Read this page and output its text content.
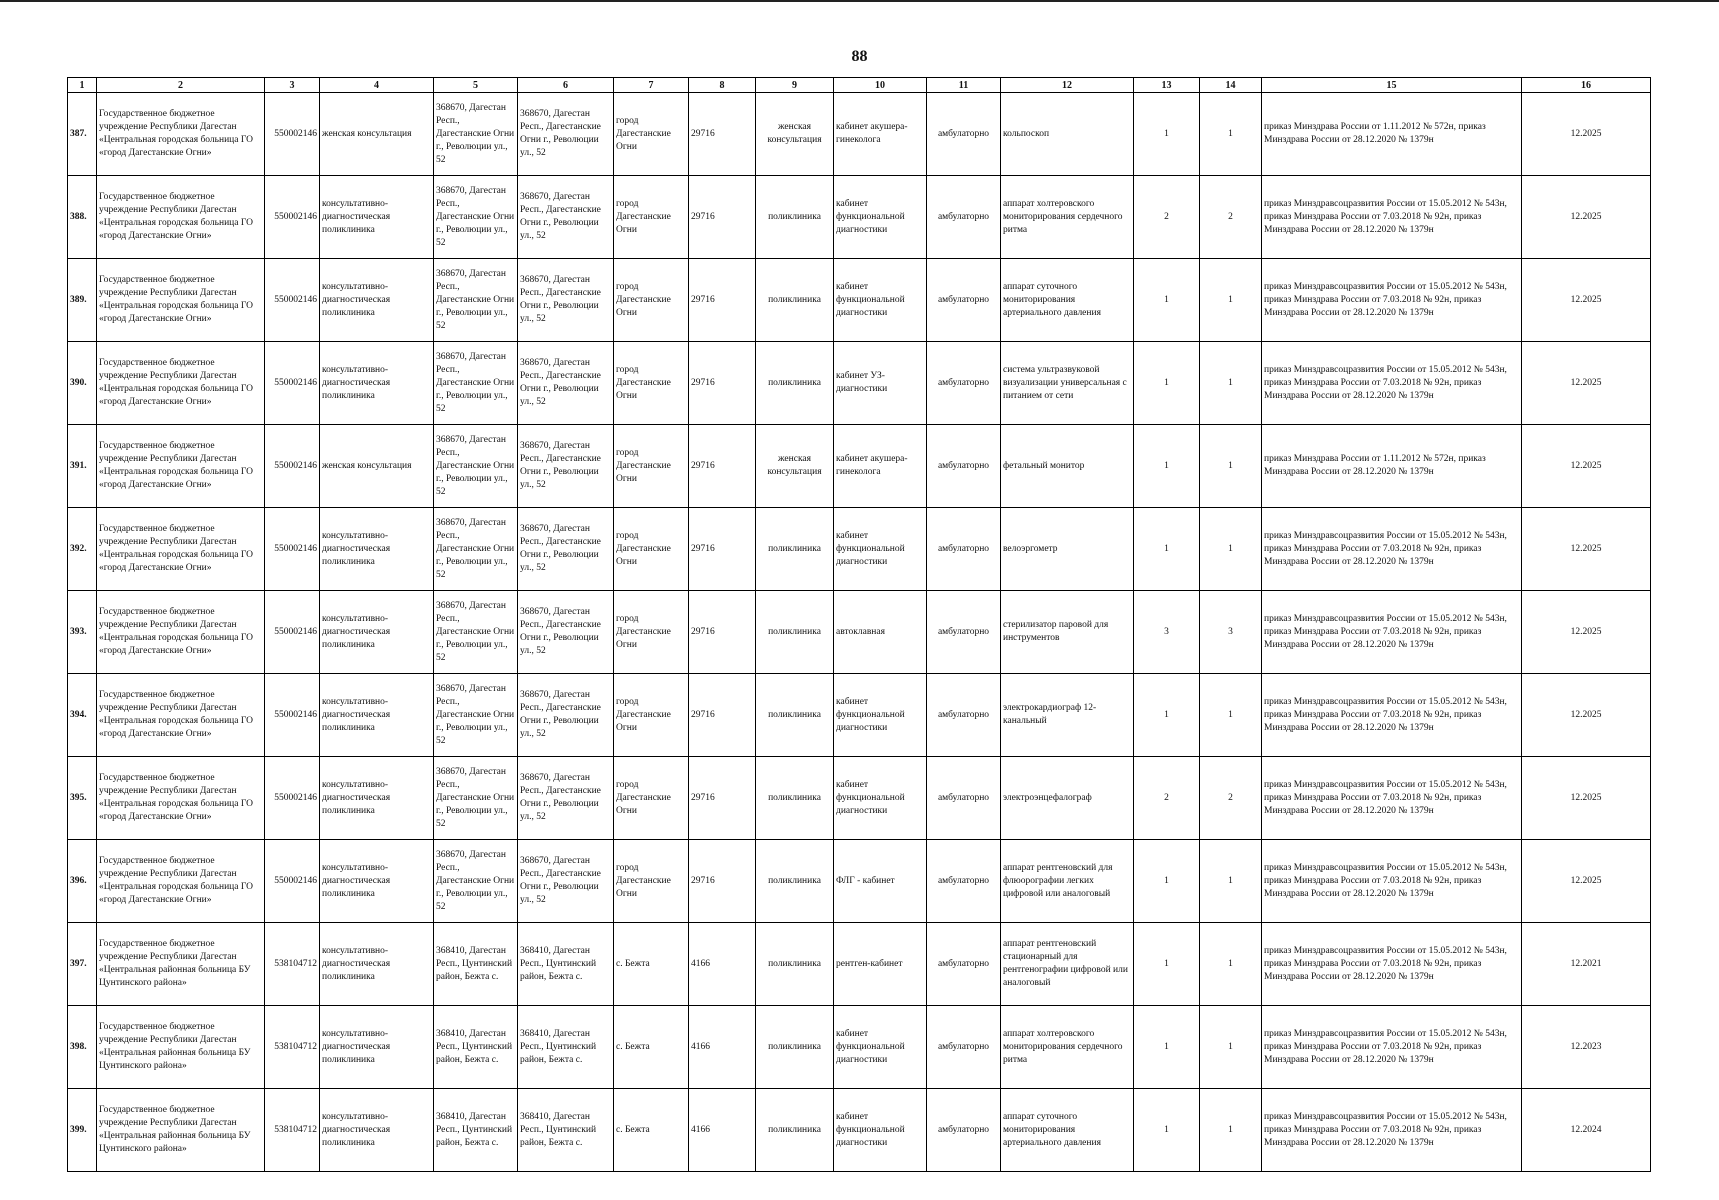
88
1	2	3	4	5	6	7	8	9	10	11	12	13	14	15	16
387.	Государственное бюджетное учреждение Республики Дагестан «Центральная городская больница ГО «город Дагестанские Огни»	550002146	женская консультация	368670, Дагестан Респ., Дагестанские Огни г., Революции ул., 52	368670, Дагестан Респ., Дагестанские Огни г., Революции ул., 52	город Дагестанские Огни	29716	женская консультация	кабинет акушера-гинеколога	амбулаторно	кольпоскоп	1	1	приказ Минздрава России от 1.11.2012 № 572н, приказ Минздрава России от 28.12.2020 № 1379н	12.2025
388.	Государственное бюджетное учреждение Республики Дагестан «Центральная городская больница ГО «город Дагестанские Огни»	550002146	консультативно-диагностическая поликлиника	368670, Дагестан Респ., Дагестанские Огни г., Революции ул., 52	368670, Дагестан Респ., Дагестанские Огни г., Революции ул., 52	город Дагестанские Огни	29716	поликлиника	кабинет функциональной диагностики	амбулаторно	аппарат холтеровского мониторирования сердечного ритма	2	2	приказ Минздравсоцразвития России от 15.05.2012 № 543н, приказ Минздрава России от 7.03.2018 № 92н, приказ Минздрава России от 28.12.2020 № 1379н	12.2025
389.	Государственное бюджетное учреждение Республики Дагестан «Центральная городская больница ГО «город Дагестанские Огни»	550002146	консультативно-диагностическая поликлиника	368670, Дагестан Респ., Дагестанские Огни г., Революции ул., 52	368670, Дагестан Респ., Дагестанские Огни г., Революции ул., 52	город Дагестанские Огни	29716	поликлиника	кабинет функциональной диагностики	амбулаторно	аппарат суточного мониторирования артериального давления	1	1	приказ Минздравсоцразвития России от 15.05.2012 № 543н, приказ Минздрава России от 7.03.2018 № 92н, приказ Минздрава России от 28.12.2020 № 1379н	12.2025
390.	Государственное бюджетное учреждение Республики Дагестан «Центральная городская больница ГО «город Дагестанские Огни»	550002146	консультативно-диагностическая поликлиника	368670, Дагестан Респ., Дагестанские Огни г., Революции ул., 52	368670, Дагестан Респ., Дагестанские Огни г., Революции ул., 52	город Дагестанские Огни	29716	поликлиника	кабинет УЗ-диагностики	амбулаторно	система ультразвуковой визуализации универсальная с питанием от сети	1	1	приказ Минздравсоцразвития России от 15.05.2012 № 543н, приказ Минздрава России от 7.03.2018 № 92н, приказ Минздрава России от 28.12.2020 № 1379н	12.2025
391.	Государственное бюджетное учреждение Республики Дагестан «Центральная городская больница ГО «город Дагестанские Огни»	550002146	женская консультация	368670, Дагестан Респ., Дагестанские Огни г., Революции ул., 52	368670, Дагестан Респ., Дагестанские Огни г., Революции ул., 52	город Дагестанские Огни	29716	женская консультация	кабинет акушера-гинеколога	амбулаторно	фетальный монитор	1	1	приказ Минздрава России от 1.11.2012 № 572н, приказ Минздрава России от 28.12.2020 № 1379н	12.2025
392.	Государственное бюджетное учреждение Республики Дагестан «Центральная городская больница ГО «город Дагестанские Огни»	550002146	консультативно-диагностическая поликлиника	368670, Дагестан Респ., Дагестанские Огни г., Революции ул., 52	368670, Дагестан Респ., Дагестанские Огни г., Революции ул., 52	город Дагестанские Огни	29716	поликлиника	кабинет функциональной диагностики	амбулаторно	велоэргометр	1	1	приказ Минздравсоцразвития России от 15.05.2012 № 543н, приказ Минздрава России от 7.03.2018 № 92н, приказ Минздрава России от 28.12.2020 № 1379н	12.2025
393.	Государственное бюджетное учреждение Республики Дагестан «Центральная городская больница ГО «город Дагестанские Огни»	550002146	консультативно-диагностическая поликлиника	368670, Дагестан Респ., Дагестанские Огни г., Революции ул., 52	368670, Дагестан Респ., Дагестанские Огни г., Революции ул., 52	город Дагестанские Огни	29716	поликлиника	автоклавная	амбулаторно	стерилизатор паровой для инструментов	3	3	приказ Минздравсоцразвития России от 15.05.2012 № 543н, приказ Минздрава России от 7.03.2018 № 92н, приказ Минздрава России от 28.12.2020 № 1379н	12.2025
394.	Государственное бюджетное учреждение Республики Дагестан «Центральная городская больница ГО «город Дагестанские Огни»	550002146	консультативно-диагностическая поликлиника	368670, Дагестан Респ., Дагестанские Огни г., Революции ул., 52	368670, Дагестан Респ., Дагестанские Огни г., Революции ул., 52	город Дагестанские Огни	29716	поликлиника	кабинет функциональной диагностики	амбулаторно	электрокардиограф 12-канальный	1	1	приказ Минздравсоцразвития России от 15.05.2012 № 543н, приказ Минздрава России от 7.03.2018 № 92н, приказ Минздрава России от 28.12.2020 № 1379н	12.2025
395.	Государственное бюджетное учреждение Республики Дагестан «Центральная городская больница ГО «город Дагестанские Огни»	550002146	консультативно-диагностическая поликлиника	368670, Дагестан Респ., Дагестанские Огни г., Революции ул., 52	368670, Дагестан Респ., Дагестанские Огни г., Революции ул., 52	город Дагестанские Огни	29716	поликлиника	кабинет функциональной диагностики	амбулаторно	электроэнцефалограф	2	2	приказ Минздравсоцразвития России от 15.05.2012 № 543н, приказ Минздрава России от 7.03.2018 № 92н, приказ Минздрава России от 28.12.2020 № 1379н	12.2025
396.	Государственное бюджетное учреждение Республики Дагестан «Центральная городская больница ГО «город Дагестанские Огни»	550002146	консультативно-диагностическая поликлиника	368670, Дагестан Респ., Дагестанские Огни г., Революции ул., 52	368670, Дагестан Респ., Дагестанские Огни г., Революции ул., 52	город Дагестанские Огни	29716	поликлиника	ФЛГ - кабинет	амбулаторно	аппарат рентгеновский для флюорографии легких цифровой или аналоговый	1	1	приказ Минздравсоцразвития России от 15.05.2012 № 543н, приказ Минздрава России от 7.03.2018 № 92н, приказ Минздрава России от 28.12.2020 № 1379н	12.2025
397.	Государственное бюджетное учреждение Республики Дагестан «Центральная районная больница БУ Цунтинского района»	538104712	консультативно-диагностическая поликлиника	368410, Дагестан Респ., Цунтинский район, Бежта с.	368410, Дагестан Респ., Цунтинский район, Бежта с.	с. Бежта	4166	поликлиника	рентген-кабинет	амбулаторно	аппарат рентгеновский стационарный для рентгенографии цифровой или аналоговый	1	1	приказ Минздравсоцразвития России от 15.05.2012 № 543н, приказ Минздрава России от 7.03.2018 № 92н, приказ Минздрава России от 28.12.2020 № 1379н	12.2021
398.	Государственное бюджетное учреждение Республики Дагестан «Центральная районная больница БУ Цунтинского района»	538104712	консультативно-диагностическая поликлиника	368410, Дагестан Респ., Цунтинский район, Бежта с.	368410, Дагестан Респ., Цунтинский район, Бежта с.	с. Бежта	4166	поликлиника	кабинет функциональной диагностики	амбулаторно	аппарат холтеровского мониторирования сердечного ритма	1	1	приказ Минздравсоцразвития России от 15.05.2012 № 543н, приказ Минздрава России от 7.03.2018 № 92н, приказ Минздрава России от 28.12.2020 № 1379н	12.2023
399.	Государственное бюджетное учреждение Республики Дагестан «Центральная районная больница БУ Цунтинского района»	538104712	консультативно-диагностическая поликлиника	368410, Дагестан Респ., Цунтинский район, Бежта с.	368410, Дагестан Респ., Цунтинский район, Бежта с.	с. Бежта	4166	поликлиника	кабинет функциональной диагностики	амбулаторно	аппарат суточного мониторирования артериального давления	1	1	приказ Минздравсоцразвития России от 15.05.2012 № 543н, приказ Минздрава России от 7.03.2018 № 92н, приказ Минздрава России от 28.12.2020 № 1379н	12.2024
